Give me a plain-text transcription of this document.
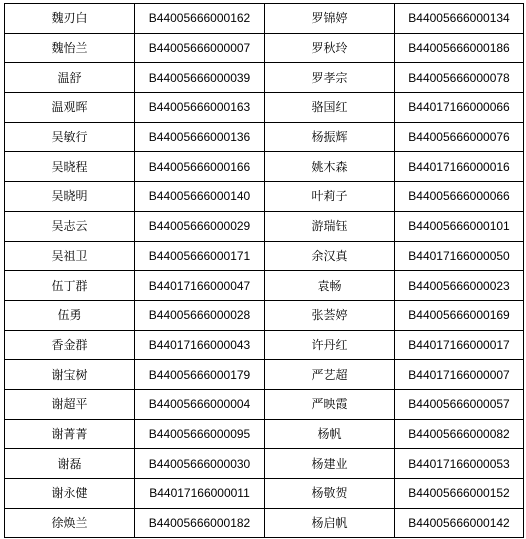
魏刃白	B44005666000162	罗锦婷	B44005666000134
魏怡兰	B44005666000007	罗秋玲	B44005666000186
温舒	B44005666000039	罗孝宗	B44005666000078
温观晖	B44005666000163	骆国红	B44017166000066
吴敏行	B44005666000136	杨振辉	B44005666000076
吴晓程	B44005666000166	姚木森	B44017166000016
吴晓明	B44005666000140	叶莉子	B44005666000066
吴志云	B44005666000029	游瑞钰	B44005666000101
吴祖卫	B44005666000171	余汉真	B44017166000050
伍丁群	B44017166000047	袁畅	B44005666000023
伍勇	B44005666000028	张荟婷	B44005666000169
香金群	B44017166000043	许丹红	B44017166000017
谢宝树	B44005666000179	严艺超	B44017166000007
谢超平	B44005666000004	严映霞	B44005666000057
谢菁菁	B44005666000095	杨帆	B44005666000082
谢磊	B44005666000030	杨建业	B44017166000053
谢永健	B44017166000011	杨敬贺	B44005666000152
徐焕兰	B44005666000182	杨启帆	B44005666000142
